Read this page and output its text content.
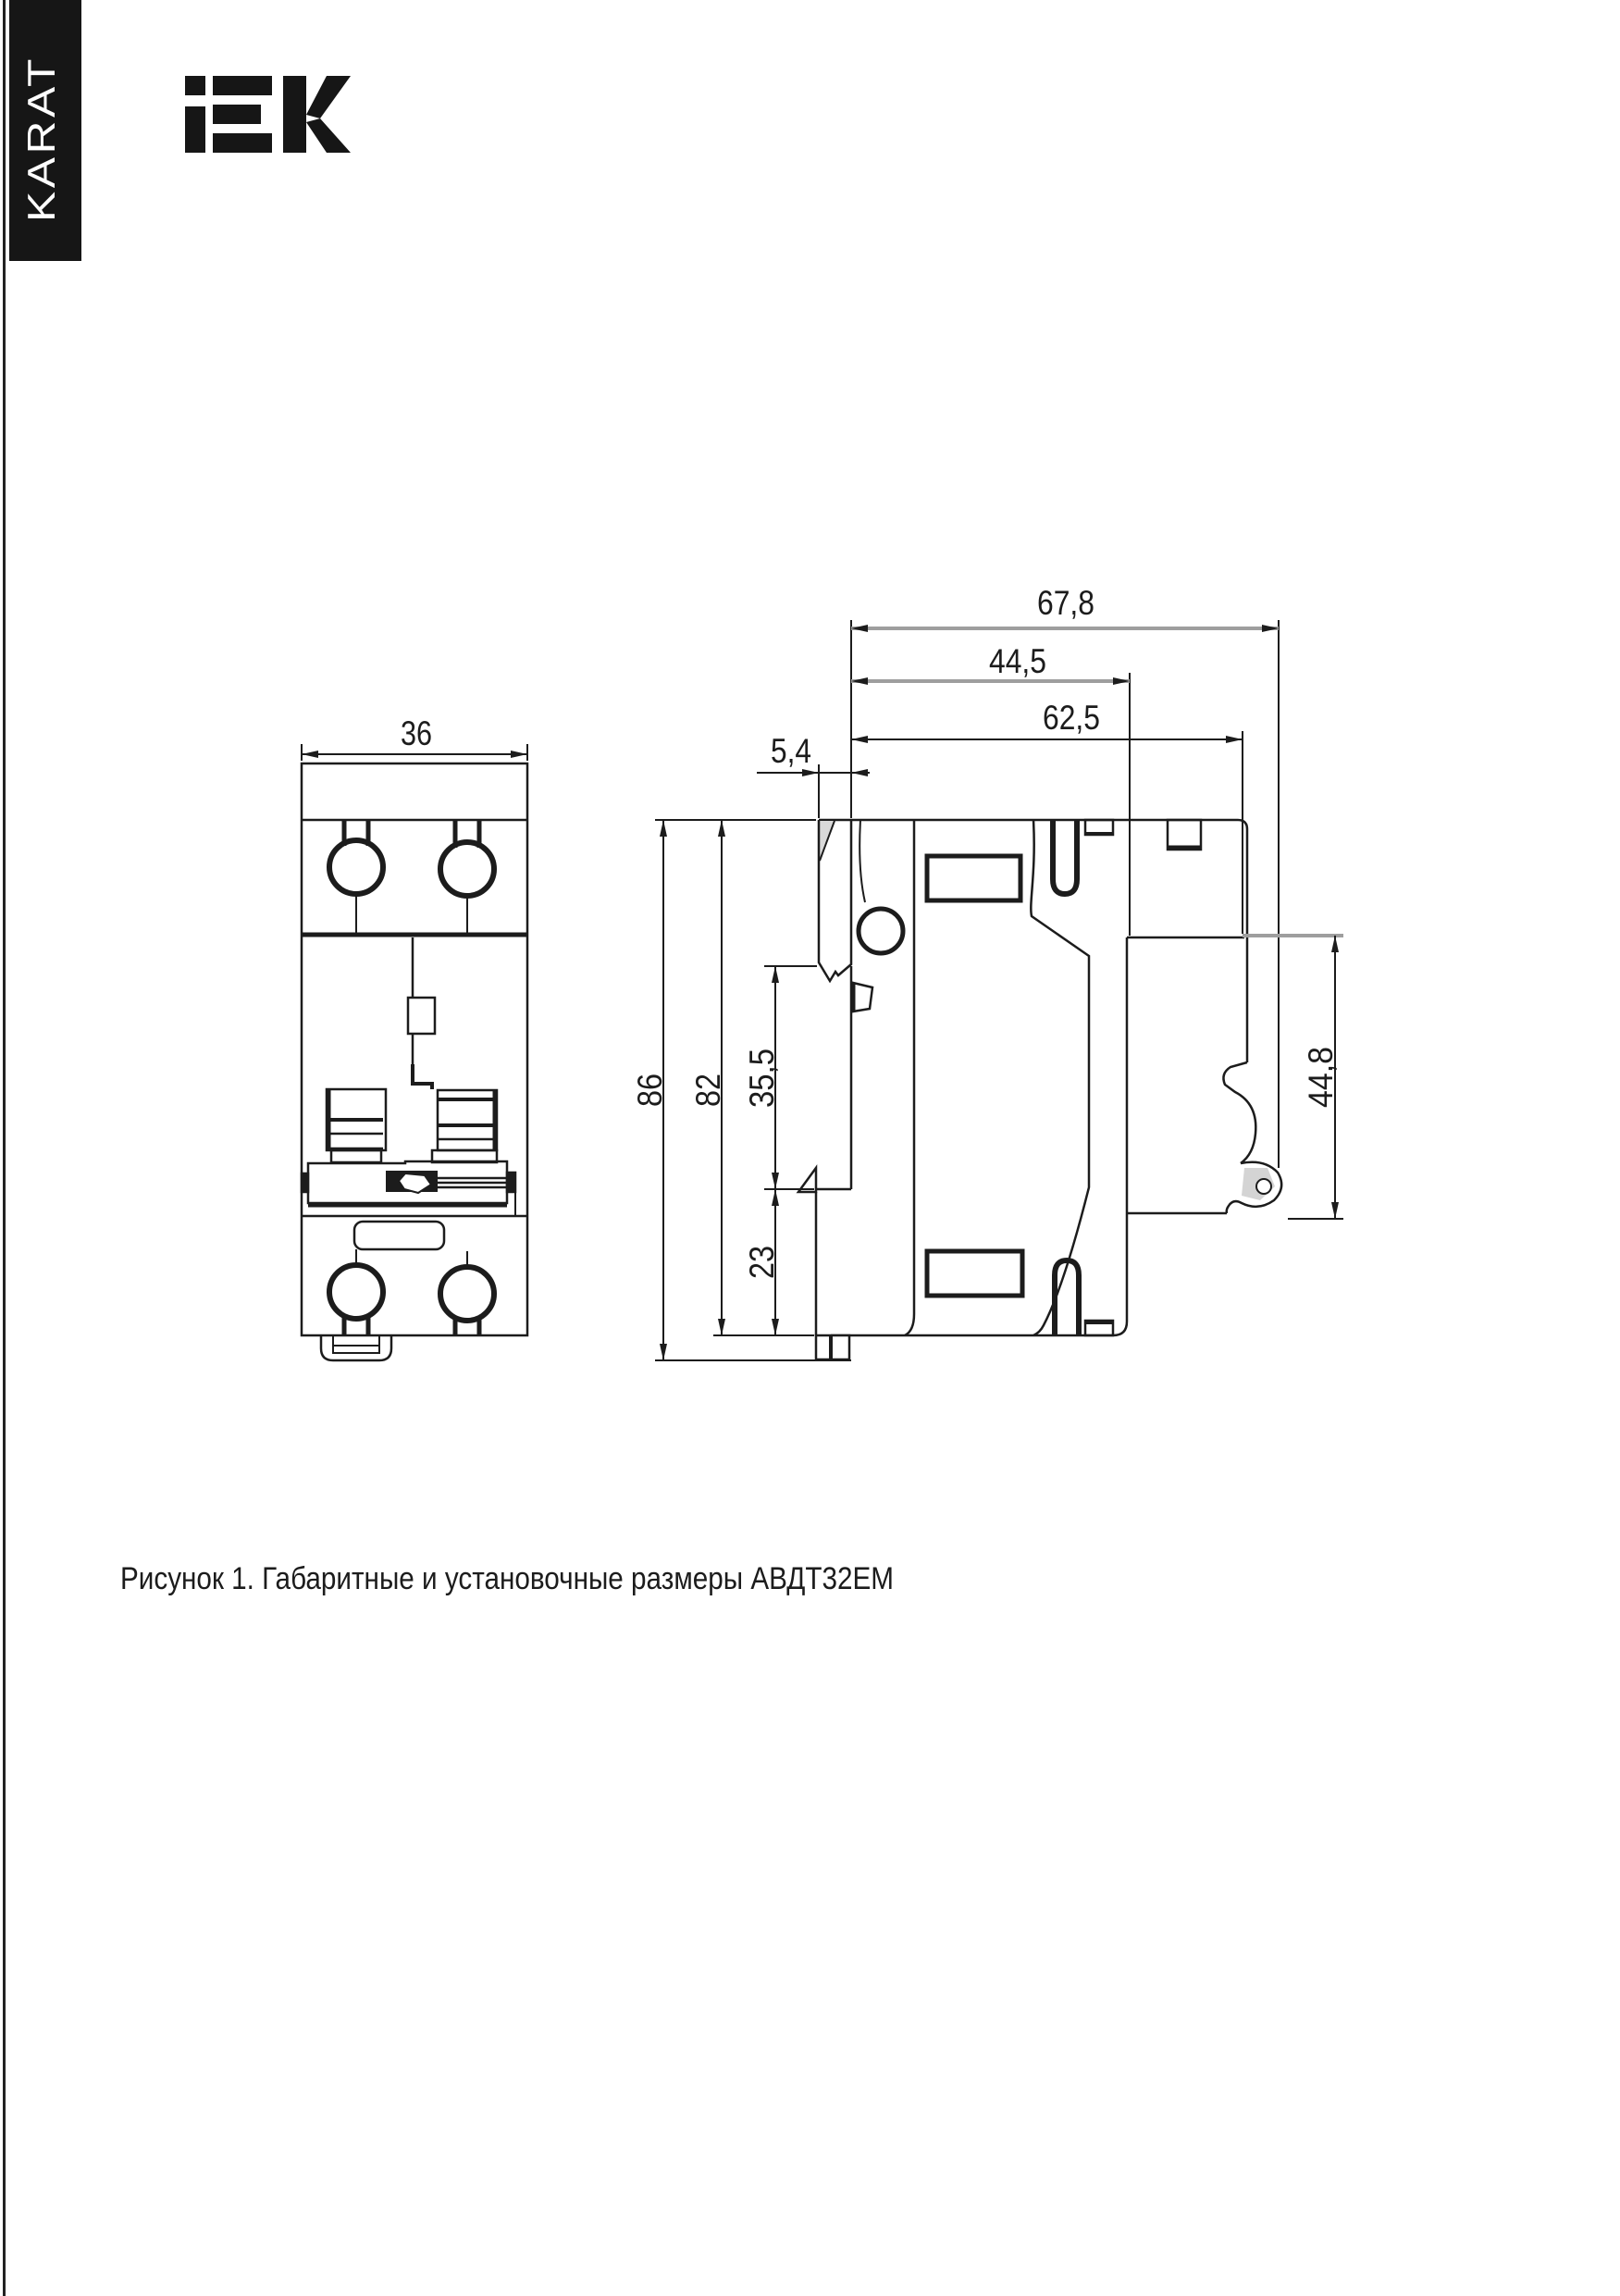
KARAT
36
67,8
44,5
62,5
5,4
86 82 35,5
23
44,8
Рисунок 1. Габаритные и установочные размеры АВДТ32ЕМ
